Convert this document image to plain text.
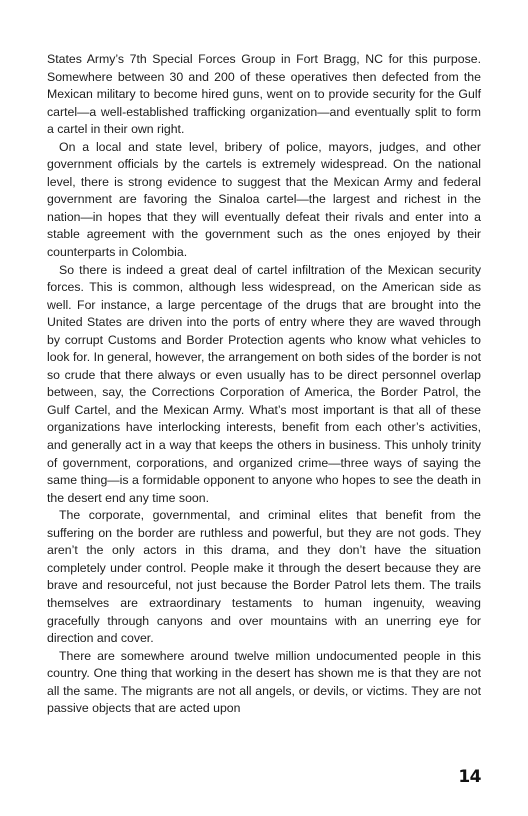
States Army’s 7th Special Forces Group in Fort Bragg, NC for this purpose. Somewhere between 30 and 200 of these operatives then defected from the Mexican military to become hired guns, went on to provide security for the Gulf cartel—a well-established trafficking organization—and eventually split to form a cartel in their own right.

On a local and state level, bribery of police, mayors, judges, and other government officials by the cartels is extremely widespread. On the national level, there is strong evidence to suggest that the Mexican Army and federal government are favoring the Sinaloa cartel—the largest and richest in the nation—in hopes that they will eventually defeat their rivals and enter into a stable agreement with the government such as the ones enjoyed by their counterparts in Colombia.

So there is indeed a great deal of cartel infiltration of the Mexican security forces. This is common, although less widespread, on the American side as well. For instance, a large percentage of the drugs that are brought into the United States are driven into the ports of entry where they are waved through by corrupt Customs and Border Protection agents who know what vehicles to look for. In general, however, the arrangement on both sides of the border is not so crude that there always or even usually has to be direct personnel overlap between, say, the Corrections Corporation of America, the Border Patrol, the Gulf Cartel, and the Mexican Army. What’s most important is that all of these organizations have interlocking interests, benefit from each other’s activities, and generally act in a way that keeps the others in business. This unholy trinity of government, corporations, and organized crime—three ways of saying the same thing—is a formidable opponent to anyone who hopes to see the death in the desert end any time soon.

The corporate, governmental, and criminal elites that benefit from the suffering on the border are ruthless and powerful, but they are not gods. They aren’t the only actors in this drama, and they don’t have the situation completely under control. People make it through the desert because they are brave and resourceful, not just because the Border Patrol lets them. The trails themselves are extraordinary testaments to human ingenuity, weaving gracefully through canyons and over mountains with an unerring eye for direction and cover.

There are somewhere around twelve million undocumented people in this country. One thing that working in the desert has shown me is that they are not all the same. The migrants are not all angels, or devils, or victims. They are not passive objects that are acted upon

14
